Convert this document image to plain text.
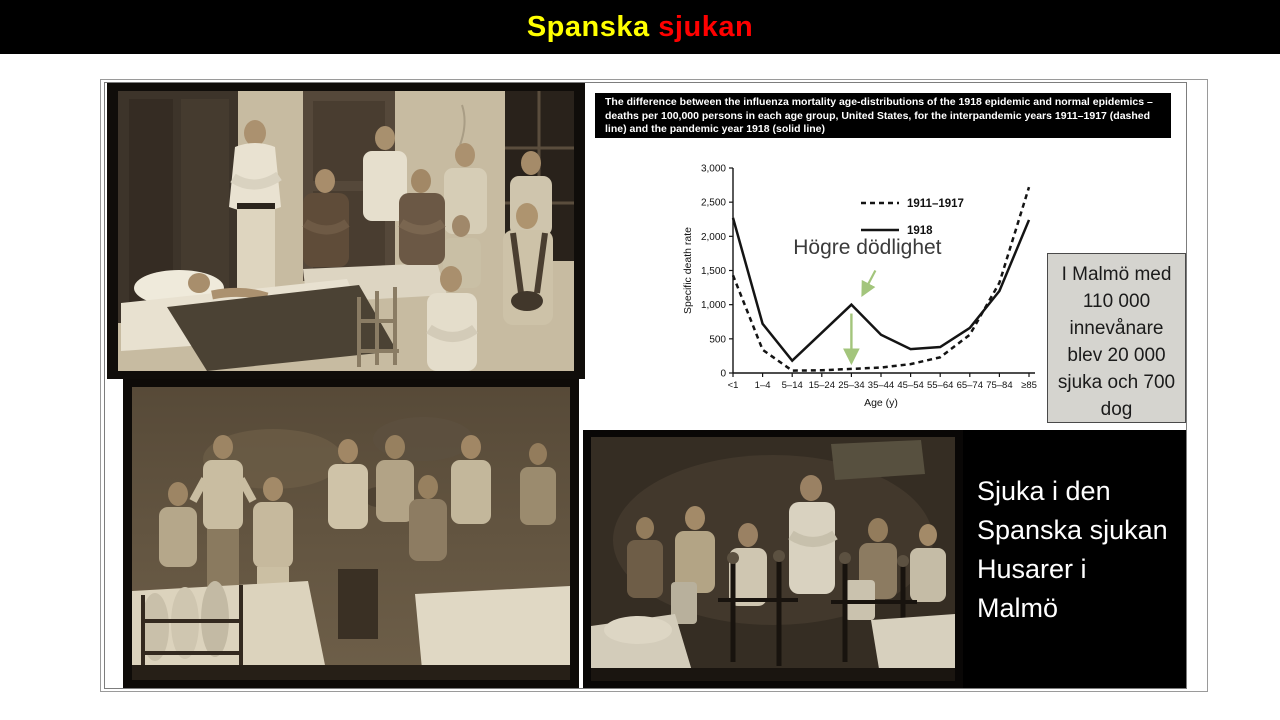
Spanska sjukan
The difference between the influenza mortality age-distributions of the 1918 epidemic and normal epidemics – deaths per 100,000 persons in each age group, United States, for the interpandemic years 1911–1917 (dashed line) and the pandemic year 1918 (solid line)
0
500
1,000
1,500
2,000
2,500
3,000
<1 1–4 5–14 15–24 25–34 35–44 45–54 55–64 65–74 75–84 ≥85
Age (y)
Specific death rate
1911–1917
1918
Högre dödlighet
I Malmö med
110 000
innevånare
blev 20 000
sjuka och 700
dog
Sjuka i den
Spanska sjukan
Husarer i
Malmö
